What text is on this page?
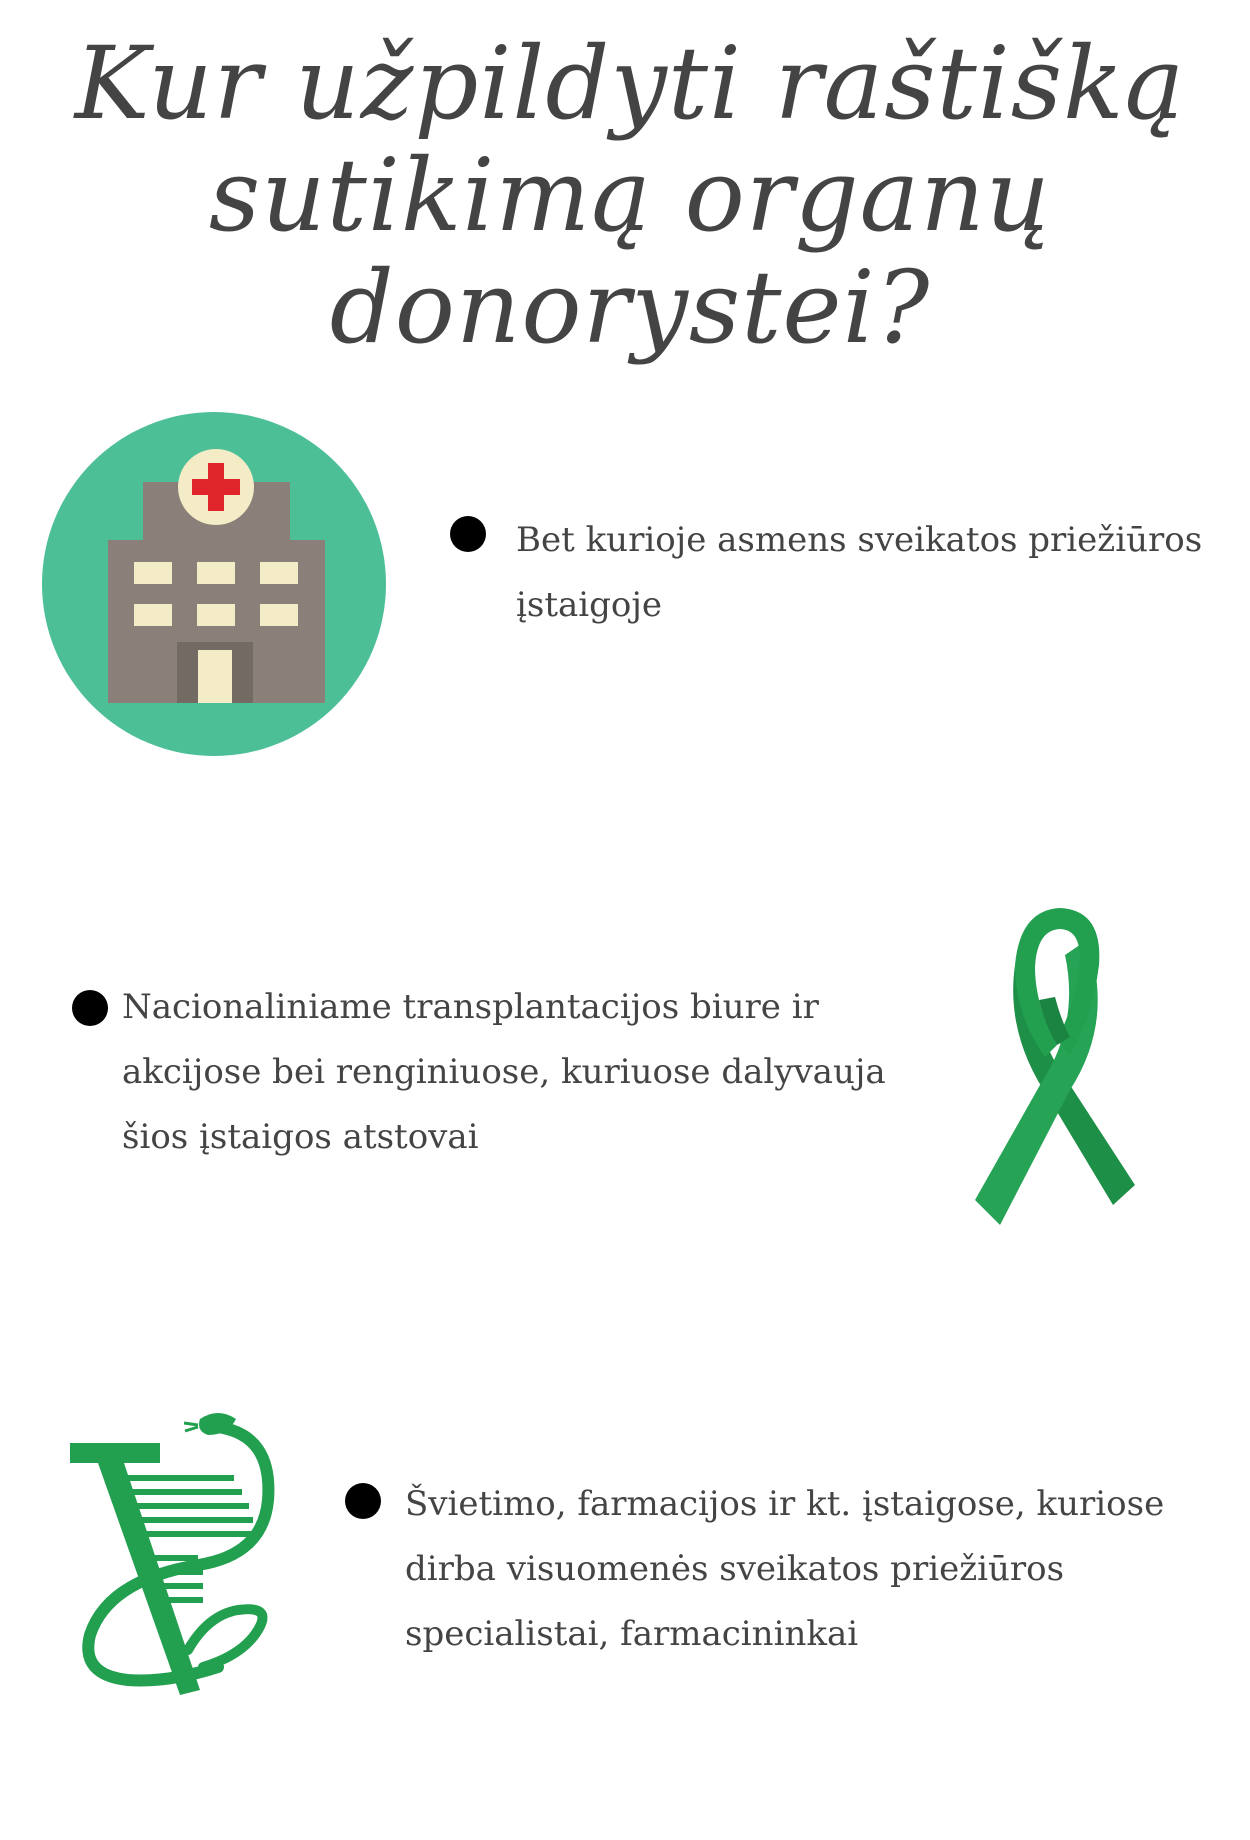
Kur užpildyti raštišką sutikimą organų donorystei?

Bet kurioje asmens sveikatos priežiūros įstaigoje

Nacionaliniame transplantacijos biure ir akcijose bei renginiuose, kuriuose dalyvauja šios įstaigos atstovai

Švietimo, farmacijos ir kt. įstaigose, kuriose dirba visuomenės sveikatos priežiūros specialistai, farmacininkai
